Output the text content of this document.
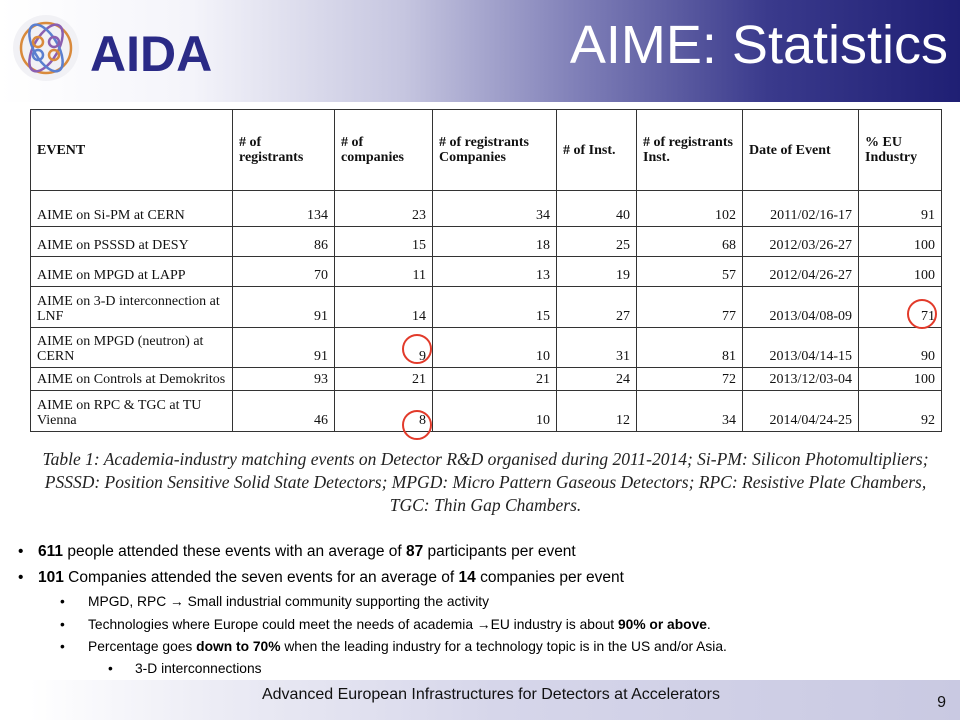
AIDA	AIME: Statistics
EVENT	# of registrants	# of companies	# of registrants Companies	# of Inst.	# of registrants Inst.	Date of Event	% EU Industry
AIME on Si-PM at CERN	134	23	34	40	102	2011/02/16-17	91
AIME on PSSSD at DESY	86	15	18	25	68	2012/03/26-27	100
AIME on MPGD at LAPP	70	11	13	19	57	2012/04/26-27	100
AIME on 3-D interconnection at LNF	91	14	15	27	77	2013/04/08-09	71
AIME on MPGD (neutron) at CERN	91	9	10	31	81	2013/04/14-15	90
AIME on Controls at Demokritos	93	21	21	24	72	2013/12/03-04	100
AIME on RPC & TGC at TU Vienna	46	8	10	12	34	2014/04/24-25	92
Table 1: Academia-industry matching events on Detector R&D organised during 2011-2014; Si-PM: Silicon Photomultipliers; PSSSD: Position Sensitive Solid State Detectors; MPGD: Micro Pattern Gaseous Detectors; RPC: Resistive Plate Chambers, TGC: Thin Gap Chambers.
• 611 people attended these events with an average of 87 participants per event
• 101 Companies attended the seven events for an average of 14 companies per event
• MPGD, RPC → Small industrial community supporting the activity
• Technologies where Europe could meet the needs of academia →EU industry is about 90% or above.
• Percentage goes down to 70% when the leading industry for a technology topic is in the US and/or Asia.
• 3-D interconnections
Advanced European Infrastructures for Detectors at Accelerators	9
